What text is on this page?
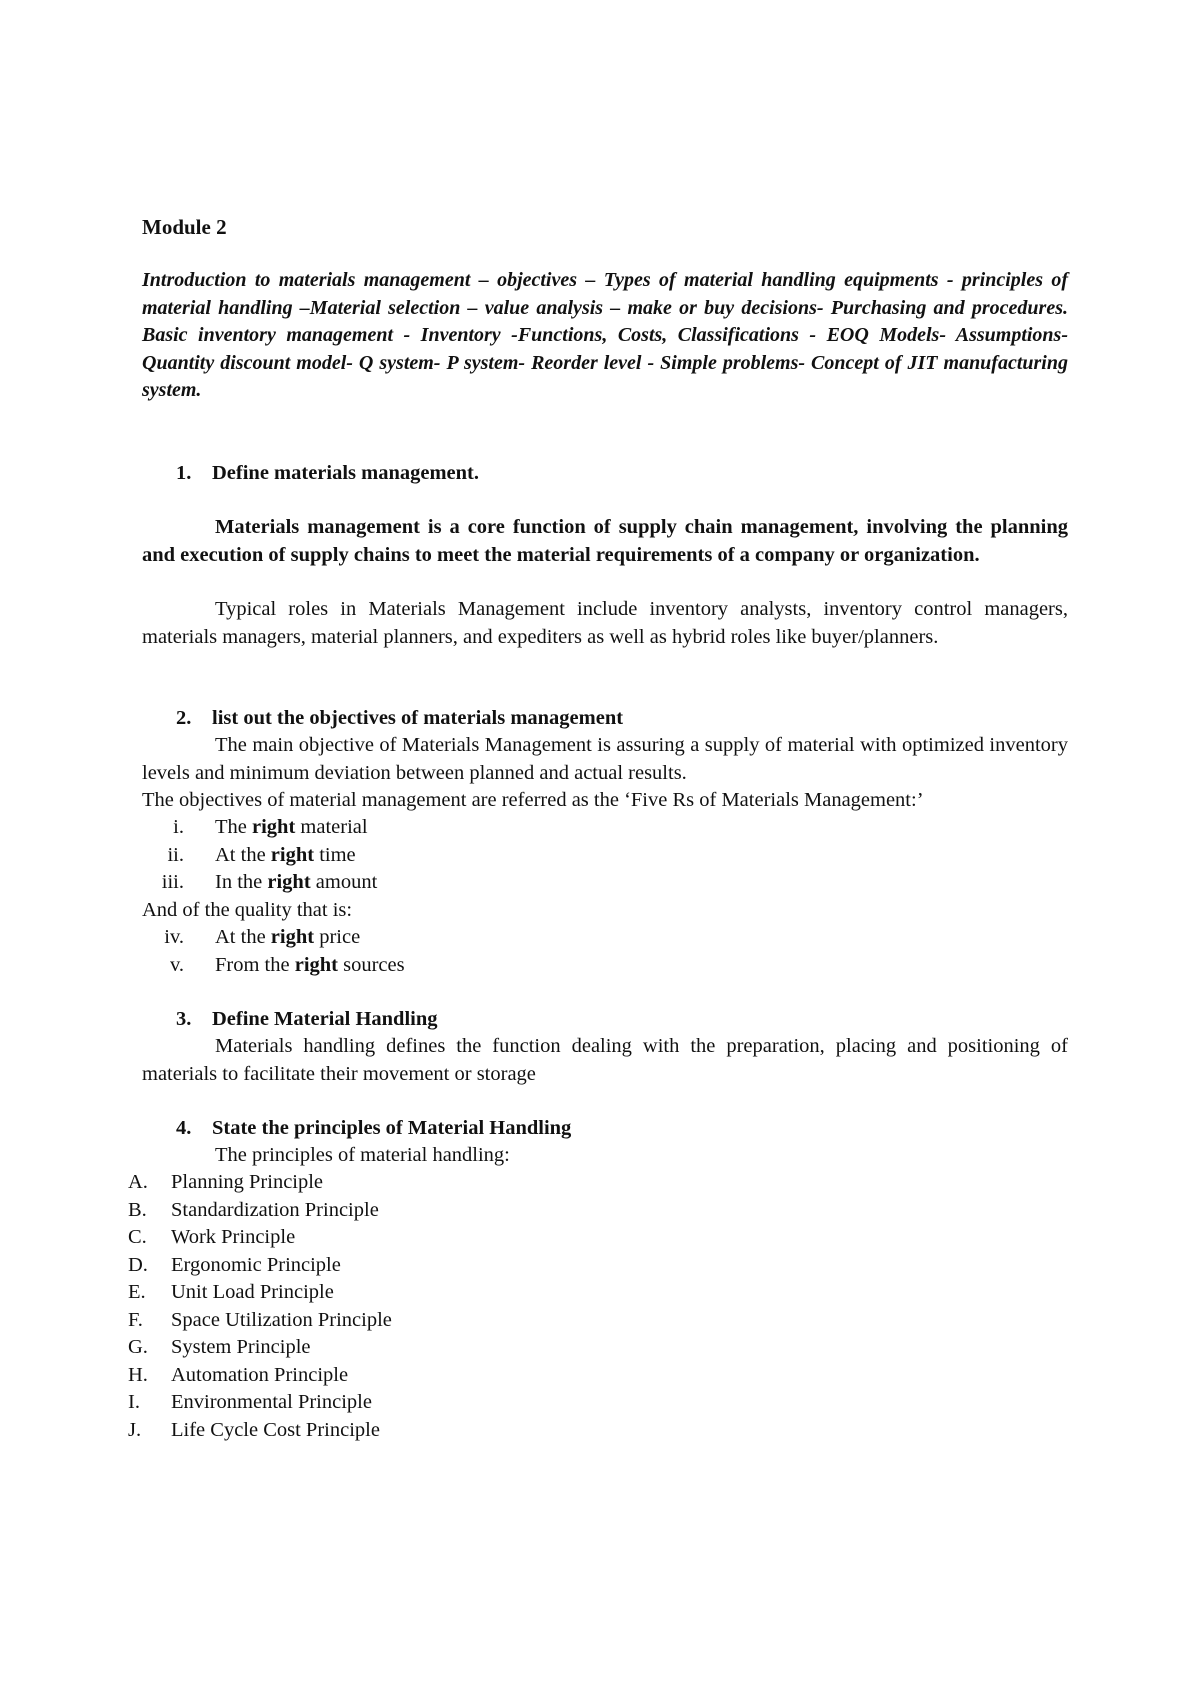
Module 2
Introduction to materials management – objectives – Types of material handling equipments - principles of material handling –Material selection – value analysis – make or buy decisions- Purchasing and procedures. Basic inventory management - Inventory -Functions, Costs, Classifications - EOQ Models- Assumptions- Quantity discount model- Q system- P system- Reorder level - Simple problems- Concept of JIT manufacturing system.
1. Define materials management.
Materials management is a core function of supply chain management, involving the planning and execution of supply chains to meet the material requirements of a company or organization.
Typical roles in Materials Management include inventory analysts, inventory control managers, materials managers, material planners, and expediters as well as hybrid roles like buyer/planners.
2. list out the objectives of materials management
The main objective of Materials Management is assuring a supply of material with optimized inventory levels and minimum deviation between planned and actual results.
The objectives of material management are referred as the ‘Five Rs of Materials Management:’
i. The right material
ii. At the right time
iii. In the right amount
And of the quality that is:
iv. At the right price
v. From the right sources
3. Define Material Handling
Materials handling defines the function dealing with the preparation, placing and positioning of materials to facilitate their movement or storage
4. State the principles of Material Handling
The principles of material handling:
A.	Planning Principle
B.	Standardization Principle
C.	Work Principle
D.	Ergonomic Principle
E.	Unit Load Principle
F.	Space Utilization Principle
G.	System Principle
H.	Automation Principle
I.	Environmental Principle
J.	Life Cycle Cost Principle
